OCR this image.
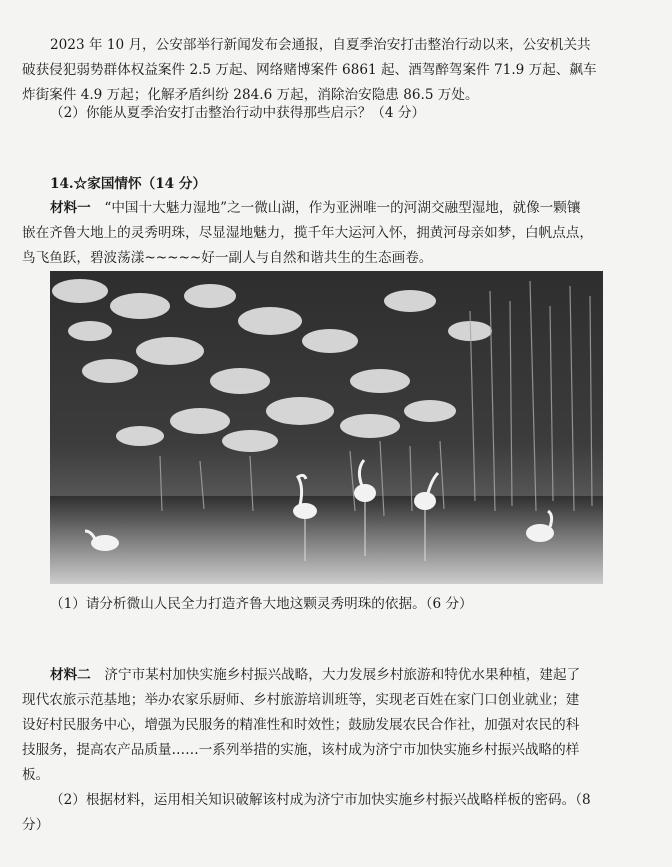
2023 年 10 月，公安部举行新闻发布会通报，自夏季治安打击整治行动以来，公安机关共
破获侵犯弱势群体权益案件 2.5 万起、网络赌博案件 6861 起、酒驾醉驾案件 71.9 万起、飙车
炸街案件 4.9 万起；化解矛盾纠纷 284.6 万起，消除治安隐患 86.5 万处。

（2）你能从夏季治安打击整治行动中获得那些启示？（4 分）

14.☆家国情怀（14 分）

材料一  “中国十大魅力湿地”之一微山湖，作为亚洲唯一的河湖交融型湿地，就像一颗镶
嵌在齐鲁大地上的灵秀明珠，尽显湿地魅力，揽千年大运河入怀，拥黄河母亲如梦，白帆点点，
鸟飞鱼跃，碧波荡漾~~~~~好一副人与自然和谐共生的生态画卷。

（1）请分析微山人民全力打造齐鲁大地这颗灵秀明珠的依据。（6 分）

材料二  济宁市某村加快实施乡村振兴战略，大力发展乡村旅游和特优水果种植，建起了
现代农旅示范基地；举办农家乐厨师、乡村旅游培训班等，实现老百姓在家门口创业就业；建
设好村民服务中心，增强为民服务的精准性和时效性；鼓励发展农民合作社，加强对农民的科
技服务，提高农产品质量……一系列举措的实施，该村成为济宁市加快实施乡村振兴战略的样
板。
（2）根据材料，运用相关知识破解该村成为济宁市加快实施乡村振兴战略样板的密码。（8
分）
